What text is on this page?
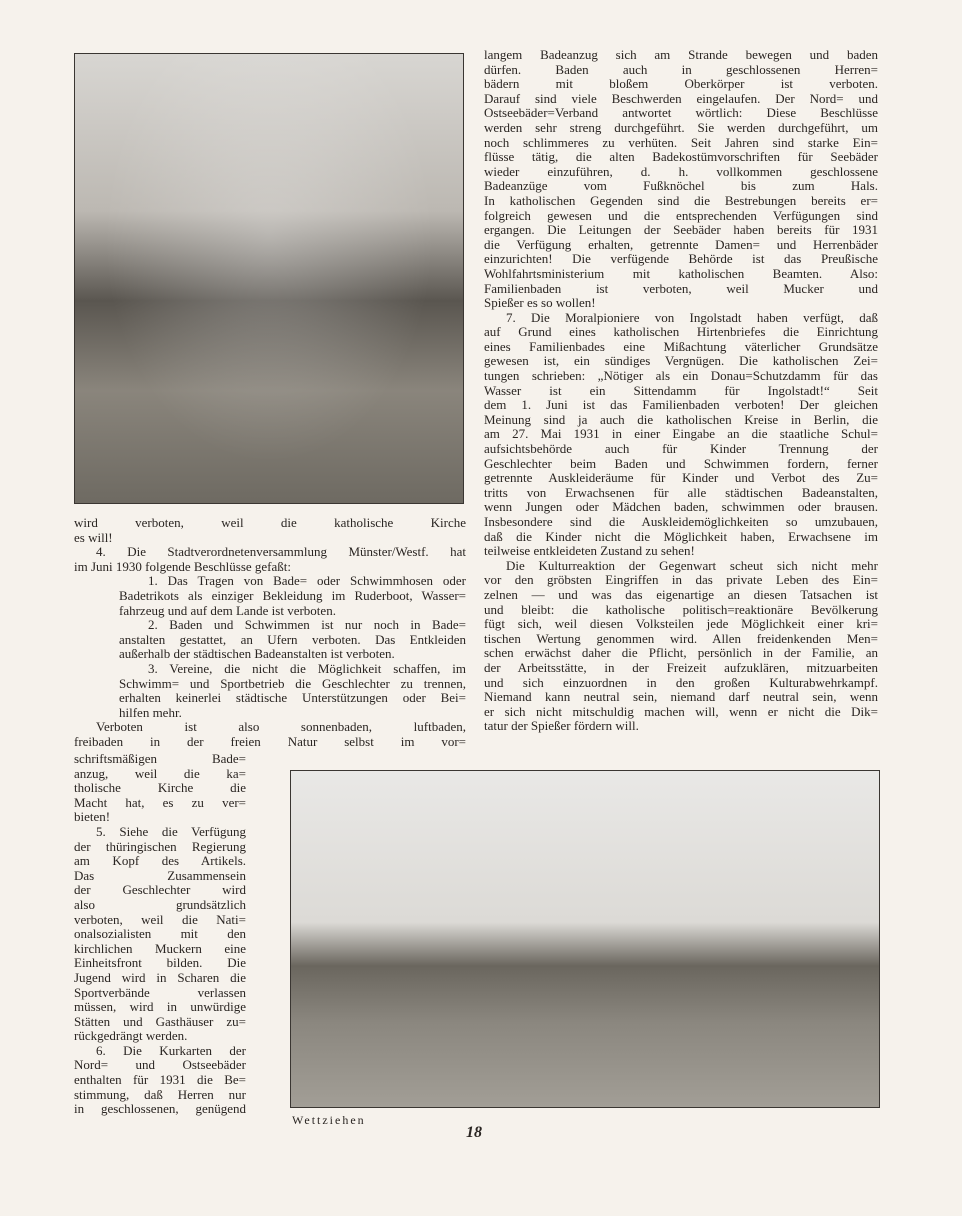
langem Badeanzug sich am Strande bewegen und baden
dürfen. Baden auch in geschlossenen Herren=
bädern mit bloßem Oberkörper ist verboten.
Darauf sind viele Beschwerden eingelaufen. Der Nord= und
Ostseebäder=Verband antwortet wörtlich: Diese Beschlüsse
werden sehr streng durchgeführt. Sie werden durchgeführt, um
noch schlimmeres zu verhüten. Seit Jahren sind starke Ein=
flüsse tätig, die alten Badekostümvorschriften für Seebäder
wieder einzuführen, d. h. vollkommen geschlossene
Badeanzüge vom Fußknöchel bis zum Hals.
In katholischen Gegenden sind die Bestrebungen bereits er=
folgreich gewesen und die entsprechenden Verfügungen sind
ergangen. Die Leitungen der Seebäder haben bereits für 1931
die Verfügung erhalten, getrennte Damen= und Herrenbäder
einzurichten! Die verfügende Behörde ist das Preußische
Wohlfahrtsministerium mit katholischen Beamten. Also:
Familienbaden ist verboten, weil Mucker und
Spießer es so wollen!
7. Die Moralpioniere von Ingolstadt haben verfügt, daß
auf Grund eines katholischen Hirtenbriefes die Einrichtung
eines Familienbades eine Mißachtung väterlicher Grundsätze
gewesen ist, ein sündiges Vergnügen. Die katholischen Zei=
tungen schrieben: „Nötiger als ein Donau=Schutzdamm für das
Wasser ist ein Sittendamm für Ingolstadt!“ Seit
dem 1. Juni ist das Familienbaden verboten! Der gleichen
Meinung sind ja auch die katholischen Kreise in Berlin, die
am 27. Mai 1931 in einer Eingabe an die staatliche Schul=
aufsichtsbehörde auch für Kinder Trennung der
Geschlechter beim Baden und Schwimmen fordern, ferner
getrennte Auskleideräume für Kinder und Verbot des Zu=
tritts von Erwachsenen für alle städtischen Badeanstalten,
wenn Jungen oder Mädchen baden, schwimmen oder brausen.
Insbesondere sind die Auskleidemöglichkeiten so umzubauen,
daß die Kinder nicht die Möglichkeit haben, Erwachsene im
teilweise entkleideten Zustand zu sehen!
Die Kulturreaktion der Gegenwart scheut sich nicht mehr
vor den gröbsten Eingriffen in das private Leben des Ein=
zelnen — und was das eigenartige an diesen Tatsachen ist
und bleibt: die katholische politisch=reaktionäre Bevölkerung
fügt sich, weil diesen Volksteilen jede Möglichkeit einer kri=
tischen Wertung genommen wird. Allen freidenkenden Men=
schen erwächst daher die Pflicht, persönlich in der Familie, an
der Arbeitsstätte, in der Freizeit aufzuklären, mitzuarbeiten
und sich einzuordnen in den großen Kulturabwehrkampf.
Niemand kann neutral sein, niemand darf neutral sein, wenn
er sich nicht mitschuldig machen will, wenn er nicht die Dik=
tatur der Spießer fördern will.
wird verboten, weil die katholische Kirche
es will!
4. Die Stadtverordnetenversammlung Münster/Westf. hat
im Juni 1930 folgende Beschlüsse gefaßt:
1. Das Tragen von Bade= oder Schwimmhosen oder
Badetrikots als einziger Bekleidung im Ruderboot, Wasser=
fahrzeug und auf dem Lande ist verboten.
2. Baden und Schwimmen ist nur noch in Bade=
anstalten gestattet, an Ufern verboten. Das Entkleiden
außerhalb der städtischen Badeanstalten ist verboten.
3. Vereine, die nicht die Möglichkeit schaffen, im
Schwimm= und Sportbetrieb die Geschlechter zu trennen,
erhalten keinerlei städtische Unterstützungen oder Bei=
hilfen mehr.
Verboten ist also sonnenbaden, luftbaden,
freibaden in der freien Natur selbst im vor=
schriftsmäßigen Bade=
anzug, weil die ka=
tholische Kirche die
Macht hat, es zu ver=
bieten!
5. Siehe die Verfügung
der thüringischen Regierung
am Kopf des Artikels.
Das Zusammensein
der Geschlechter wird
also grundsätzlich
verboten, weil die Nati=
onalsozialisten mit den
kirchlichen Muckern eine
Einheitsfront bilden. Die
Jugend wird in Scharen die
Sportverbände verlassen
müssen, wird in unwürdige
Stätten und Gasthäuser zu=
rückgedrängt werden.
6. Die Kurkarten der
Nord= und Ostseebäder
enthalten für 1931 die Be=
stimmung, daß Herren nur
in geschlossenen, genügend
Wettziehen
18
